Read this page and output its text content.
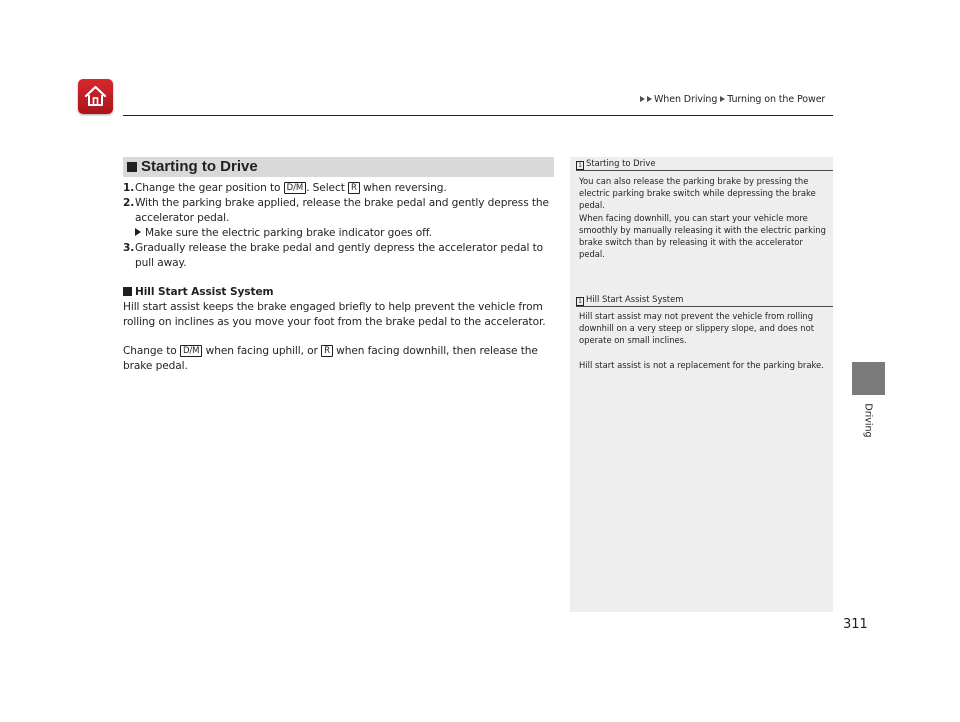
When Driving Turning on the Power
Driving
Starting to Drive

1. Change the gear position to D/M . Select R when reversing.

2. With the parking brake applied, release the brake pedal and gently depress the accelerator pedal.

Make sure the electric parking brake indicator goes off.

3. Gradually release the brake pedal and gently depress the accelerator pedal to pull away.

Hill Start Assist System

Hill start assist keeps the brake engaged briefly to help prevent the vehicle from rolling on inclines as you move your foot from the brake pedal to the accelerator.

Change to D/M when facing uphill, or R when facing downhill, then release the brake pedal.

1 Starting to Drive
You can also release the parking brake by pressing the electric parking brake switch while depressing the brake pedal.
When facing downhill, you can start your vehicle more smoothly by manually releasing it with the electric parking brake switch than by releasing it with the accelerator pedal.
1 Hill Start Assist System
Hill start assist may not prevent the vehicle from rolling downhill on a very steep or slippery slope, and does not operate on small inclines.
Hill start assist is not a replacement for the parking brake.
311
